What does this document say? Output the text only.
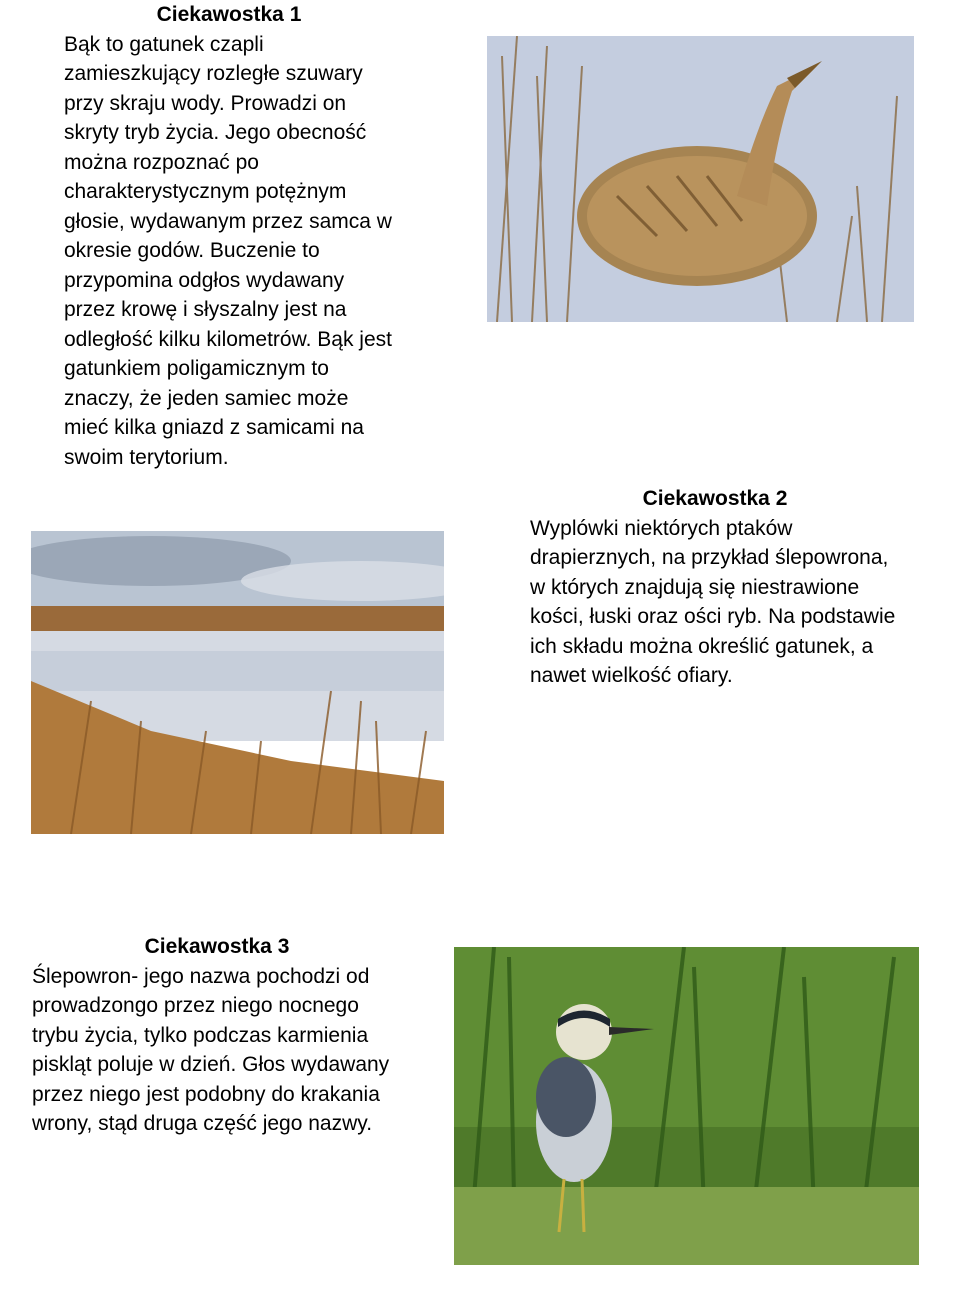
Ciekawostka 1

Bąk to gatunek czapli zamieszkujący rozległe szuwary przy skraju wody. Prowadzi on skryty tryb życia. Jego obecność można rozpoznać po charakterystycznym potężnym głosie, wydawanym przez samca w okresie godów. Buczenie to przypomina odgłos wydawany przez krowę i słyszalny jest na odległość kilku kilometrów. Bąk jest gatunkiem poligamicznym to znaczy, że jeden samiec może mieć kilka gniazd z samicami na swoim terytorium.

Ciekawostka 2

Wyplówki niektórych ptaków drapierznych, na przykład ślepowrona, w których znajdują się niestrawione kości, łuski oraz ości ryb. Na podstawie ich składu można określić gatunek, a nawet wielkość ofiary.

Ciekawostka 3

Ślepowron- jego nazwa pochodzi od prowadzongo przez niego nocnego trybu życia, tylko podczas karmienia piskląt poluje w dzień. Głos wydawany przez niego jest podobny do krakania wrony, stąd druga część jego nazwy.
